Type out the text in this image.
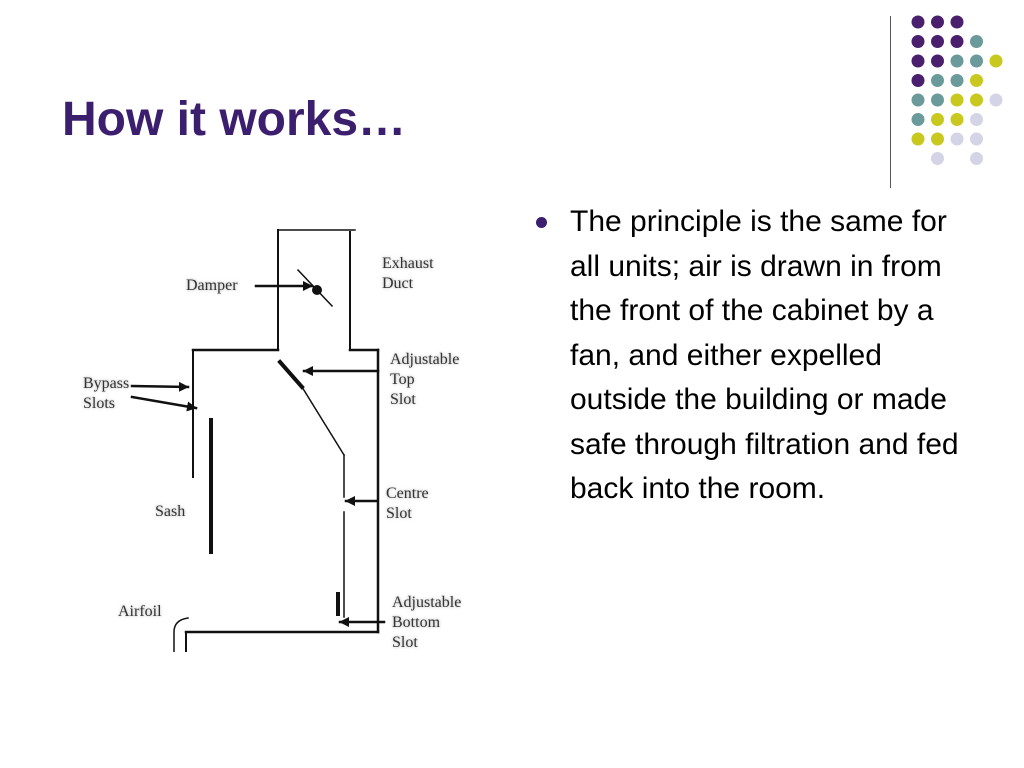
How it works…
Exhaust
Duct
Damper
Adjustable
Top
Slot
Bypass
Slots
Centre
Slot
Sash
Airfoil
Adjustable
Bottom
Slot
The principle is the same for all units; air is drawn in from the front of the cabinet by a fan, and either expelled outside the building or made safe through filtration and fed back into the room.
